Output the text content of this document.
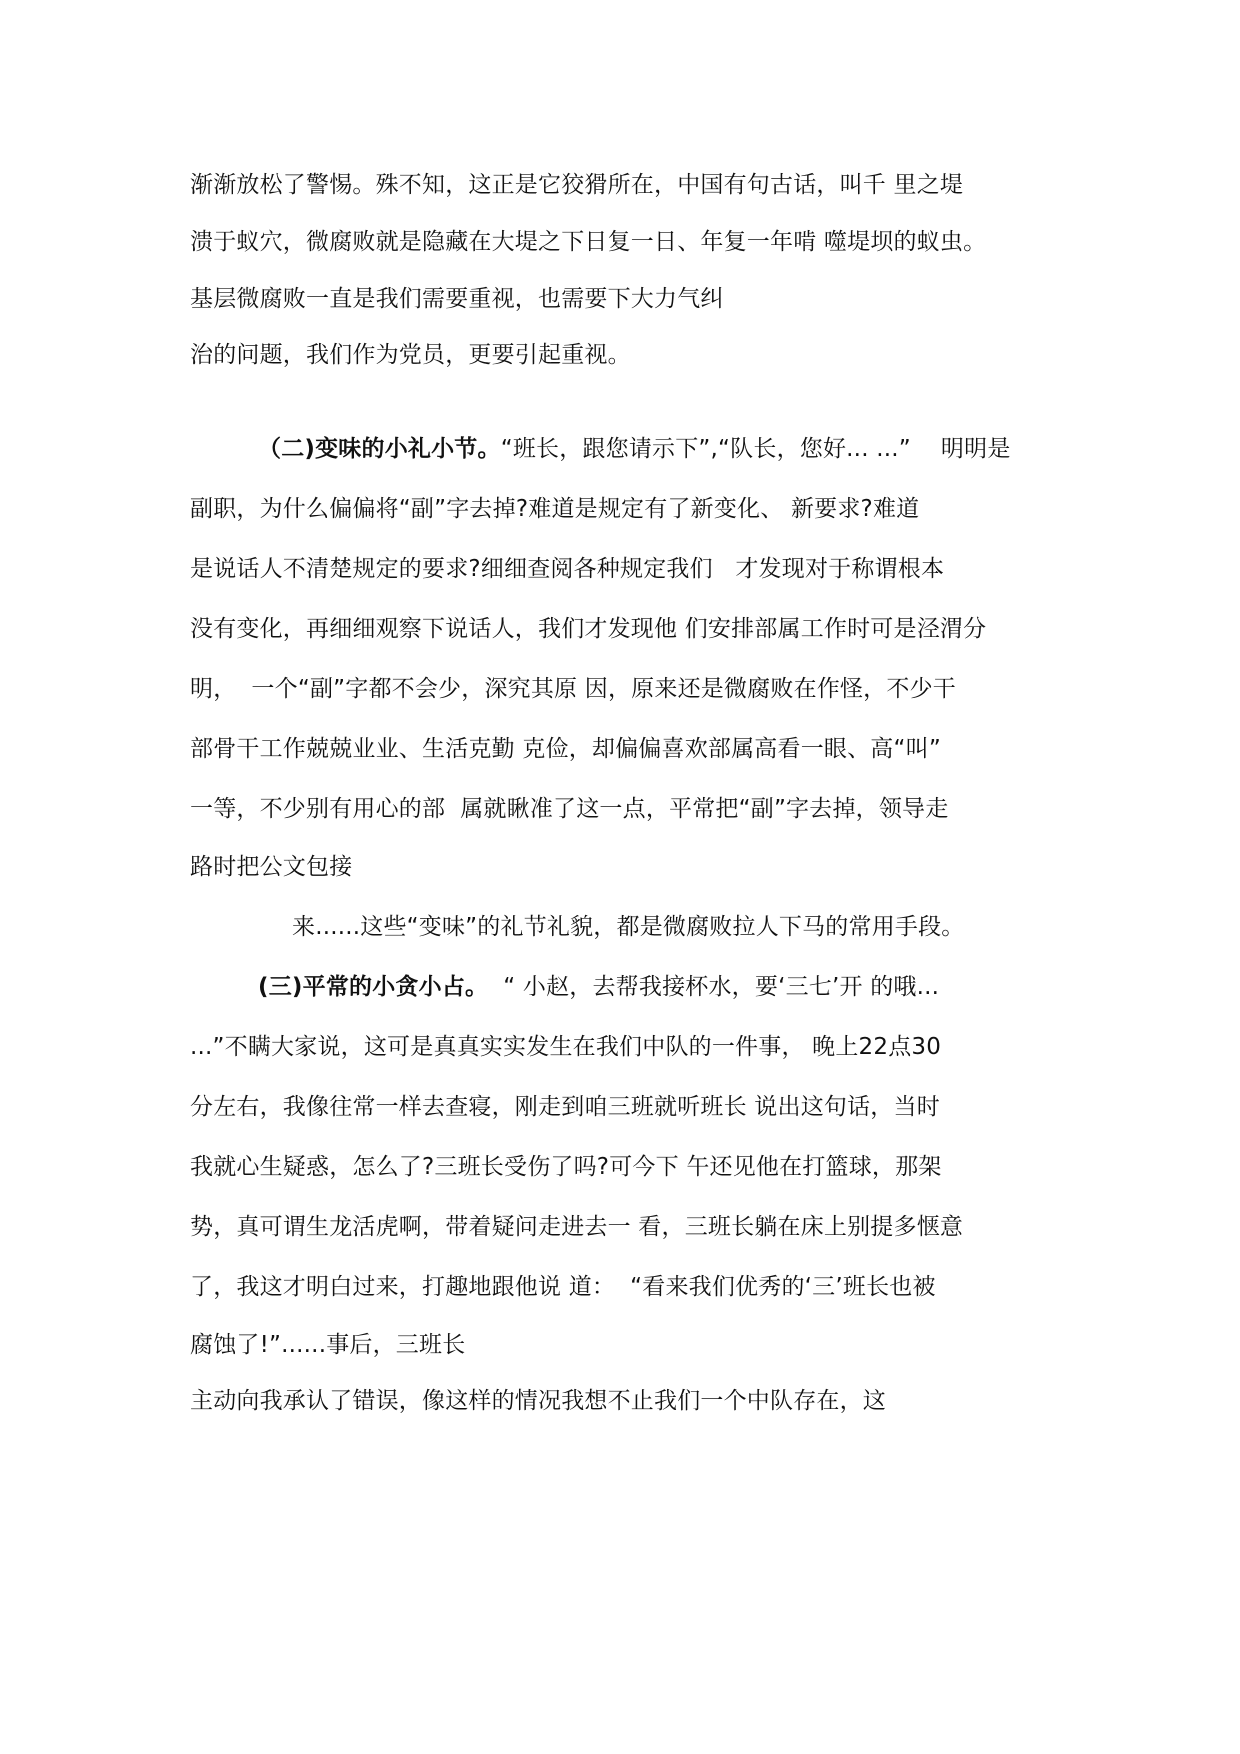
渐渐放松了警惕。殊不知，这正是它狡猾所在，中国有句古话，叫千 里之堤
溃于蚁穴，微腐败就是隐藏在大堤之下日复一日、年复一年啃 噬堤坝的蚁虫。
基层微腐败一直是我们需要重视，也需要下大力气纠
治的问题，我们作为党员，更要引起重视。
（二)变味的小礼小节。“班长，跟您请示下”,“队长，您好... ...”    明明是
副职，为什么偏偏将“副”字去掉?难道是规定有了新变化、 新要求?难道
是说话人不清楚规定的要求?细细查阅各种规定我们   才发现对于称谓根本
没有变化，再细细观察下说话人，我们才发现他 们安排部属工作时可是泾渭分
明，  一个“副”字都不会少，深究其原 因，原来还是微腐败在作怪，不少干
部骨干工作兢兢业业、生活克勤 克俭，却偏偏喜欢部属高看一眼、高“叫”
一等，不少别有用心的部  属就瞅准了这一点，平常把“副”字去掉，领导走
路时把公文包接
来......这些“变味”的礼节礼貌，都是微腐败拉人下马的常用手段。
(三)平常的小贪小占。  “ 小赵，去帮我接杯水，要‘三七’开 的哦...
...”不瞒大家说，这可是真真实实发生在我们中队的一件事， 晚上22点30
分左右，我像往常一样去查寝，刚走到咱三班就听班长 说出这句话，当时
我就心生疑惑，怎么了?三班长受伤了吗?可今下 午还见他在打篮球，那架
势，真可谓生龙活虎啊，带着疑问走进去一 看，三班长躺在床上别提多惬意
了，我这才明白过来，打趣地跟他说 道：  “看来我们优秀的‘三’班长也被
腐蚀了!”......事后，三班长
主动向我承认了错误，像这样的情况我想不止我们一个中队存在，这
